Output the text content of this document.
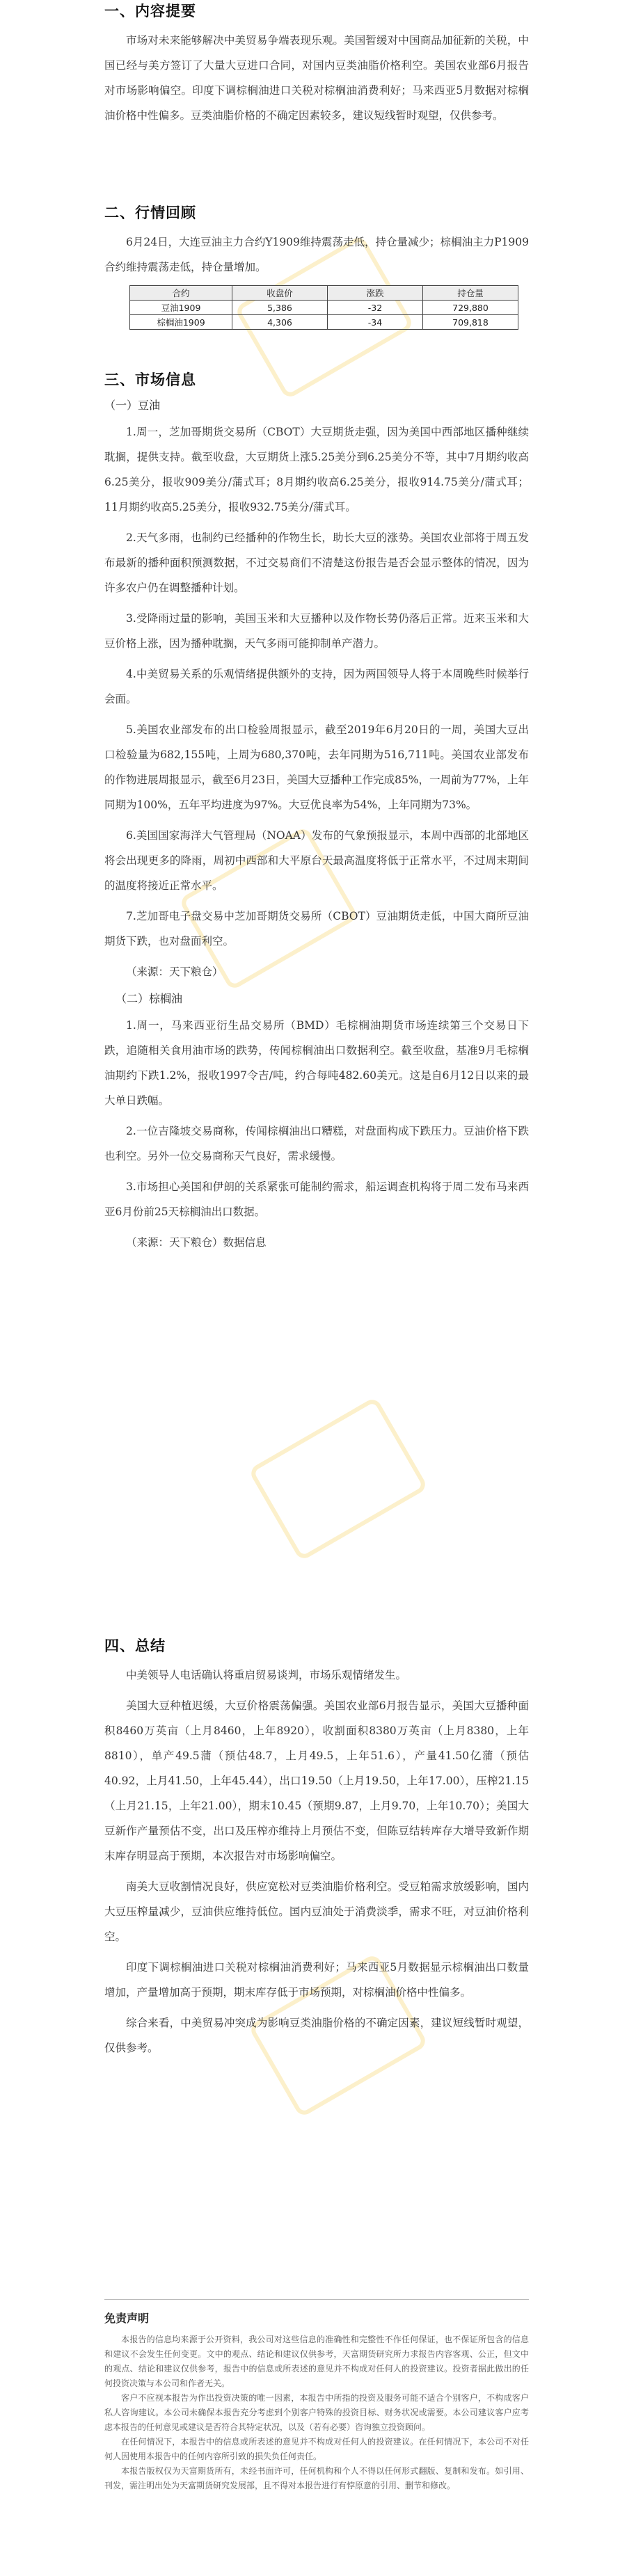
一、内容提要

市场对未来能够解决中美贸易争端表现乐观。美国暂缓对中国商品加征新的关税，中国已经与美方签订了大量大豆进口合同，对国内豆类油脂价格利空。美国农业部6月报告对市场影响偏空。印度下调棕榈油进口关税对棕榈油消费利好；马来西亚5月数据对棕榈油价格中性偏多。豆类油脂价格的不确定因素较多，建议短线暂时观望，仅供参考。

二、行情回顾

6月24日，大连豆油主力合约Y1909维持震荡走低，持仓量减少；棕榈油主力P1909合约维持震荡走低，持仓量增加。

合约	收盘价	涨跌	持仓量
豆油1909	5,386	-32	729,880
棕榈油1909	4,306	-34	709,818
三、市场信息
（一）豆油

1.周一，芝加哥期货交易所（CBOT）大豆期货走强，因为美国中西部地区播种继续耽搁，提供支持。截至收盘，大豆期货上涨5.25美分到6.25美分不等，其中7月期约收高6.25美分，报收909美分/蒲式耳；8月期约收高6.25美分，报收914.75美分/蒲式耳；11月期约收高5.25美分，报收932.75美分/蒲式耳。

2.天气多雨，也制约已经播种的作物生长，助长大豆的涨势。美国农业部将于周五发布最新的播种面积预测数据，不过交易商们不清楚这份报告是否会显示整体的情况，因为许多农户仍在调整播种计划。

3.受降雨过量的影响，美国玉米和大豆播种以及作物长势仍落后正常。近来玉米和大豆价格上涨，因为播种耽搁，天气多雨可能抑制单产潜力。

4.中美贸易关系的乐观情绪提供额外的支持，因为两国领导人将于本周晚些时候举行会面。

5.美国农业部发布的出口检验周报显示，截至2019年6月20日的一周，美国大豆出口检验量为682,155吨，上周为680,370吨，去年同期为516,711吨。美国农业部发布的作物进展周报显示，截至6月23日，美国大豆播种工作完成85%，一周前为77%，上年同期为100%，五年平均进度为97%。大豆优良率为54%，上年同期为73%。

6.美国国家海洋大气管理局（NOAA）发布的气象预报显示，本周中西部的北部地区将会出现更多的降雨，周初中西部和大平原台天最高温度将低于正常水平，不过周末期间的温度将接近正常水平。

7.芝加哥电子盘交易中芝加哥期货交易所（CBOT）豆油期货走低，中国大商所豆油期货下跌，也对盘面利空。

（来源：天下粮仓）

（二）棕榈油

1.周一，马来西亚衍生品交易所（BMD）毛棕榈油期货市场连续第三个交易日下跌，追随相关食用油市场的跌势，传闻棕榈油出口数据利空。截至收盘，基准9月毛棕榈油期约下跌1.2%，报收1997令吉/吨，约合每吨482.60美元。这是自6月12日以来的最大单日跌幅。

2.一位吉隆坡交易商称，传闻棕榈油出口糟糕，对盘面构成下跌压力。豆油价格下跌也利空。另外一位交易商称天气良好，需求缓慢。

3.市场担心美国和伊朗的关系紧张可能制约需求，船运调查机构将于周二发布马来西亚6月份前25天棕榈油出口数据。

（来源：天下粮仓）数据信息

四、总结

中美领导人电话确认将重启贸易谈判，市场乐观情绪发生。

美国大豆种植迟缓，大豆价格震荡偏强。美国农业部6月报告显示，美国大豆播种面积8460万英亩（上月8460，上年8920），收割面积8380万英亩（上月8380，上年8810），单产49.5蒲（预估48.7，上月49.5，上年51.6），产量41.50亿蒲（预估40.92，上月41.50，上年45.44），出口19.50（上月19.50，上年17.00），压榨21.15（上月21.15，上年21.00），期末10.45（预期9.87，上月9.70，上年10.70）；美国大豆新作产量预估不变，出口及压榨亦维持上月预估不变，但陈豆结转库存大增导致新作期末库存明显高于预期，本次报告对市场影响偏空。

南美大豆收割情况良好，供应宽松对豆类油脂价格利空。受豆粕需求放缓影响，国内大豆压榨量减少，豆油供应维持低位。国内豆油处于消费淡季，需求不旺，对豆油价格利空。

印度下调棕榈油进口关税对棕榈油消费利好；马来西亚5月数据显示棕榈油出口数量增加，产量增加高于预期，期末库存低于市场预期，对棕榈油价格中性偏多。

综合来看，中美贸易冲突成为影响豆类油脂价格的不确定因素，建议短线暂时观望，仅供参考。

免责声明

本报告的信息均来源于公开资料，我公司对这些信息的准确性和完整性不作任何保证，也不保证所包含的信息和建议不会发生任何变更。文中的观点、结论和建议仅供参考，天富期货研究所力求报告内容客观、公正，但文中的观点、结论和建议仅供参考，报告中的信息或所表述的意见并不构成对任何人的投资建议。投资者据此做出的任何投资决策与本公司和作者无关。

客户不应视本报告为作出投资决策的唯一因素，本报告中所指的投资及服务可能不适合个别客户，不构成客户私人咨询建议。本公司未确保本报告充分考虑到个别客户特殊的投资目标、财务状况或需要。本公司建议客户应考虑本报告的任何意见或建议是否符合其特定状况，以及（若有必要）咨询独立投资顾问。

在任何情况下，本报告中的信息或所表述的意见并不构成对任何人的投资建议。在任何情况下，本公司不对任何人因使用本报告中的任何内容所引致的损失负任何责任。

本报告版权仅为天富期货所有，未经书面许可，任何机构和个人不得以任何形式翻版、复制和发布。如引用、刊发，需注明出处为天富期货研究发展部，且不得对本报告进行有悖原意的引用、删节和修改。
